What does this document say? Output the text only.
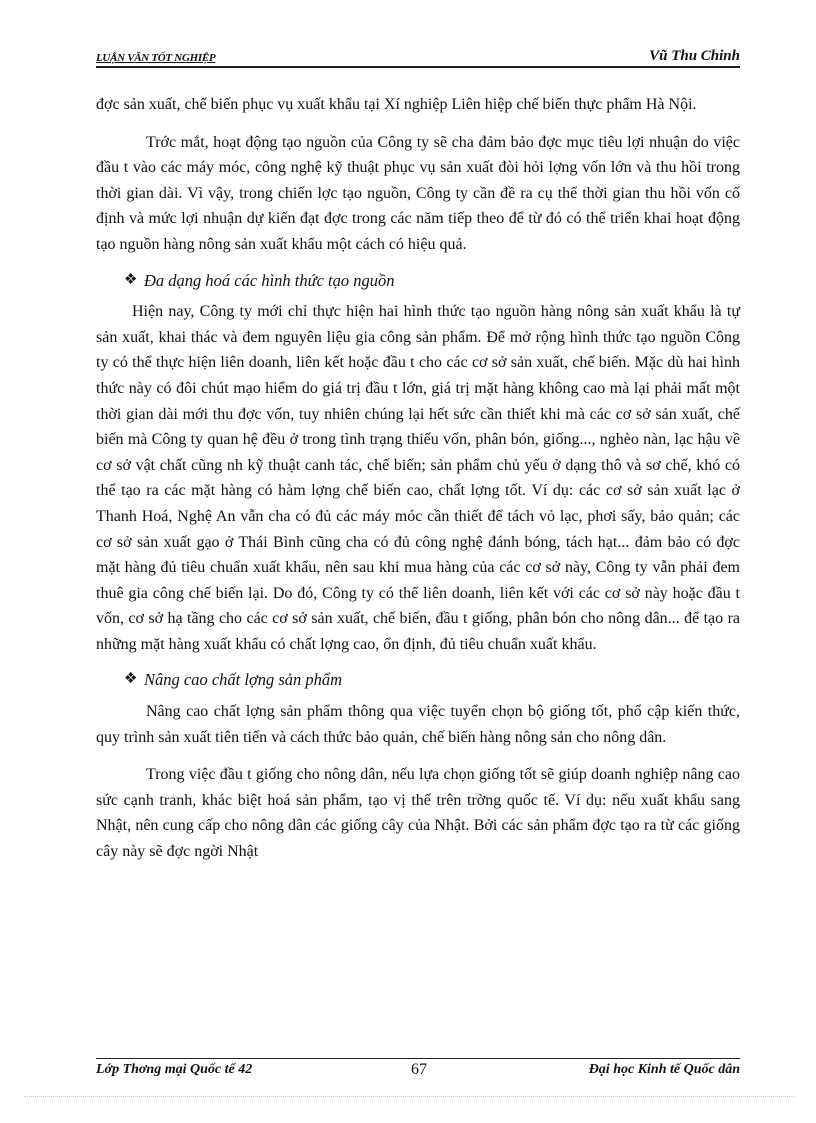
LUẬN VĂN TỐT NGHIỆP	Vũ Thu Chinh

đợc sản xuất, chế biến phục vụ xuất khẩu tại Xí nghiệp Liên hiệp chế biến thực phẩm Hà Nội.

Trớc mắt, hoạt động tạo nguồn của Công ty sẽ cha đảm bảo đợc mục tiêu lợi nhuận do việc đầu t vào các máy móc, công nghệ kỹ thuật phục vụ sản xuất đòi hỏi lợng vốn lớn và thu hồi trong thời gian dài. Vì vậy, trong chiến lợc tạo nguồn, Công ty cần đề ra cụ thể thời gian thu hồi vốn cố định và mức lợi nhuận dự kiến đạt đợc trong các năm tiếp theo để từ đó có thể triển khai hoạt động tạo nguồn hàng nông sản xuất khẩu một cách có hiệu quả.

❖ Đa dạng hoá các hình thức tạo nguồn

Hiện nay, Công ty mới chỉ thực hiện hai hình thức tạo nguồn hàng nông sản xuất khẩu là tự sản xuất, khai thác và đem nguyên liệu gia công sản phẩm. Để mở rộng hình thức tạo nguồn Công ty có thể thực hiện liên doanh, liên kết hoặc đầu t cho các cơ sở sản xuất, chế biến. Mặc dù hai hình thức này có đôi chút mạo hiểm do giá trị đầu t lớn, giá trị mặt hàng không cao mà lại phải mất một thời gian dài mới thu đợc vốn, tuy nhiên chúng lại hết sức cần thiết khi mà các cơ sở sản xuất, chế biến mà Công ty quan hệ đều ở trong tình trạng thiếu vốn, phân bón, giống..., nghèo nàn, lạc hậu về cơ sở vật chất cũng nh kỹ thuật canh tác, chế biến; sản phẩm chủ yếu ở dạng thô và sơ chế, khó có thể tạo ra các mặt hàng có hàm lợng chế biến cao, chất lợng tốt. Ví dụ: các cơ sở sản xuất lạc ở Thanh Hoá, Nghệ An vẫn cha có đủ các máy móc cần thiết để tách vỏ lạc, phơi sấy, bảo quản; các cơ sở sản xuất gạo ở Thái Bình cũng cha có đủ công nghệ đánh bóng, tách hạt... đảm bảo có đợc mặt hàng đủ tiêu chuẩn xuất khẩu, nên sau khi mua hàng của các cơ sở này, Công ty vẫn phải đem thuê gia công chế biến lại. Do đó, Công ty có thể liên doanh, liên kết với các cơ sở này hoặc đầu t vốn, cơ sở hạ tầng cho các cơ sở sản xuất, chế biến, đầu t giống, phân bón cho nông dân... để tạo ra những mặt hàng xuất khẩu có chất lợng cao, ổn định, đủ tiêu chuẩn xuất khẩu.

❖ Nâng cao chất lợng sản phẩm

Nâng cao chất lợng sản phẩm thông qua việc tuyển chọn bộ giống tốt, phổ cập kiến thức, quy trình sản xuất tiên tiến và cách thức bảo quản, chế biến hàng nông sản cho nông dân.

Trong việc đầu t giống cho nông dân, nếu lựa chọn giống tốt sẽ giúp doanh nghiệp nâng cao sức cạnh tranh, khác biệt hoá sản phẩm, tạo vị thế trên trờng quốc tế. Ví dụ: nếu xuất khẩu sang Nhật, nên cung cấp cho nông dân các giống cây của Nhật. Bởi các sản phẩm đợc tạo ra từ các giống cây này sẽ đợc ngời Nhật

Lớp Thơng mại Quốc tế 42	67	Đại học Kinh tế Quốc dân
